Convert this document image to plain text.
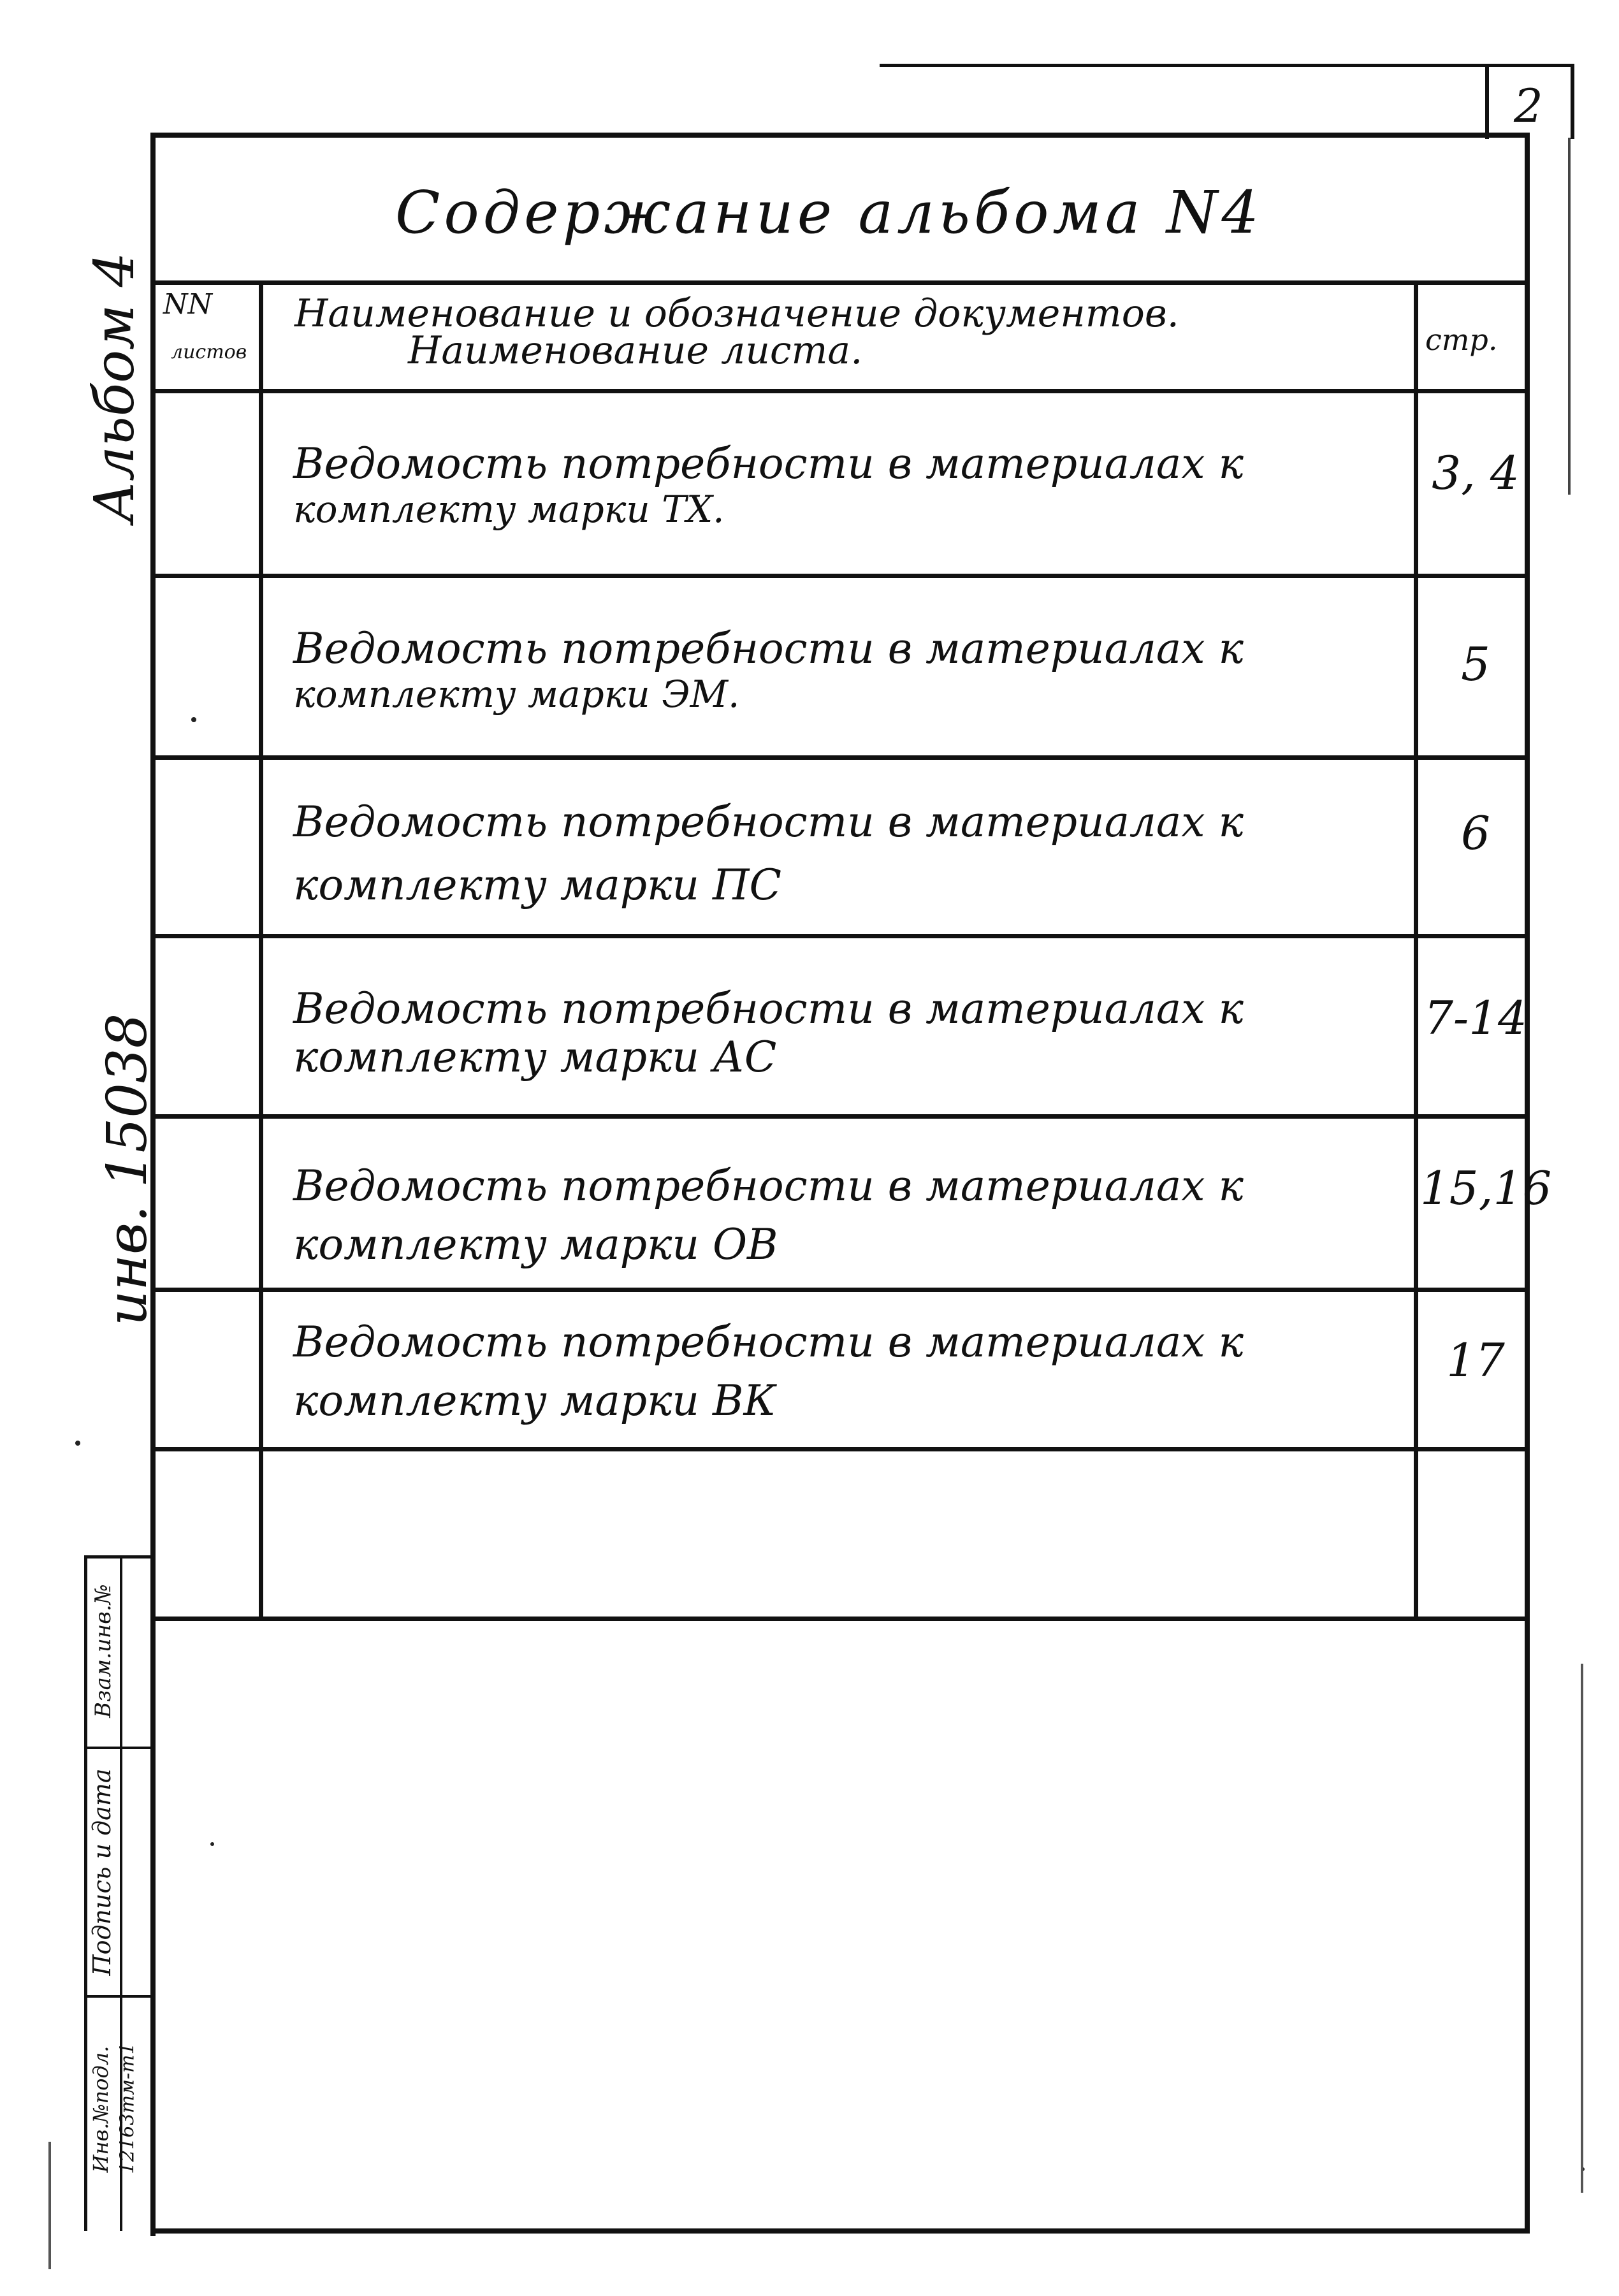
2
Содержание альбома N4
NN
листов
Наименование и обозначение документов.
Наименование листа.	стр.
Ведомость потребности в материалах к
комплекту марки ТХ.
3, 4
Ведомость потребности в материалах к
комплекту марки ЭМ.
5
Ведомость потребности в материалах к
комплекту марки ПС
6
Ведомость потребности в материалах к
комплекту марки АС
7-14
Ведомость потребности в материалах к
комплекту марки ОВ
15,16
Ведомость потребности в материалах к
комплекту марки ВК
17
Альбом 4
инв. 15038
Взам.инв.№
Подпись и дата
Инв.№подл. 12163тм-т1
